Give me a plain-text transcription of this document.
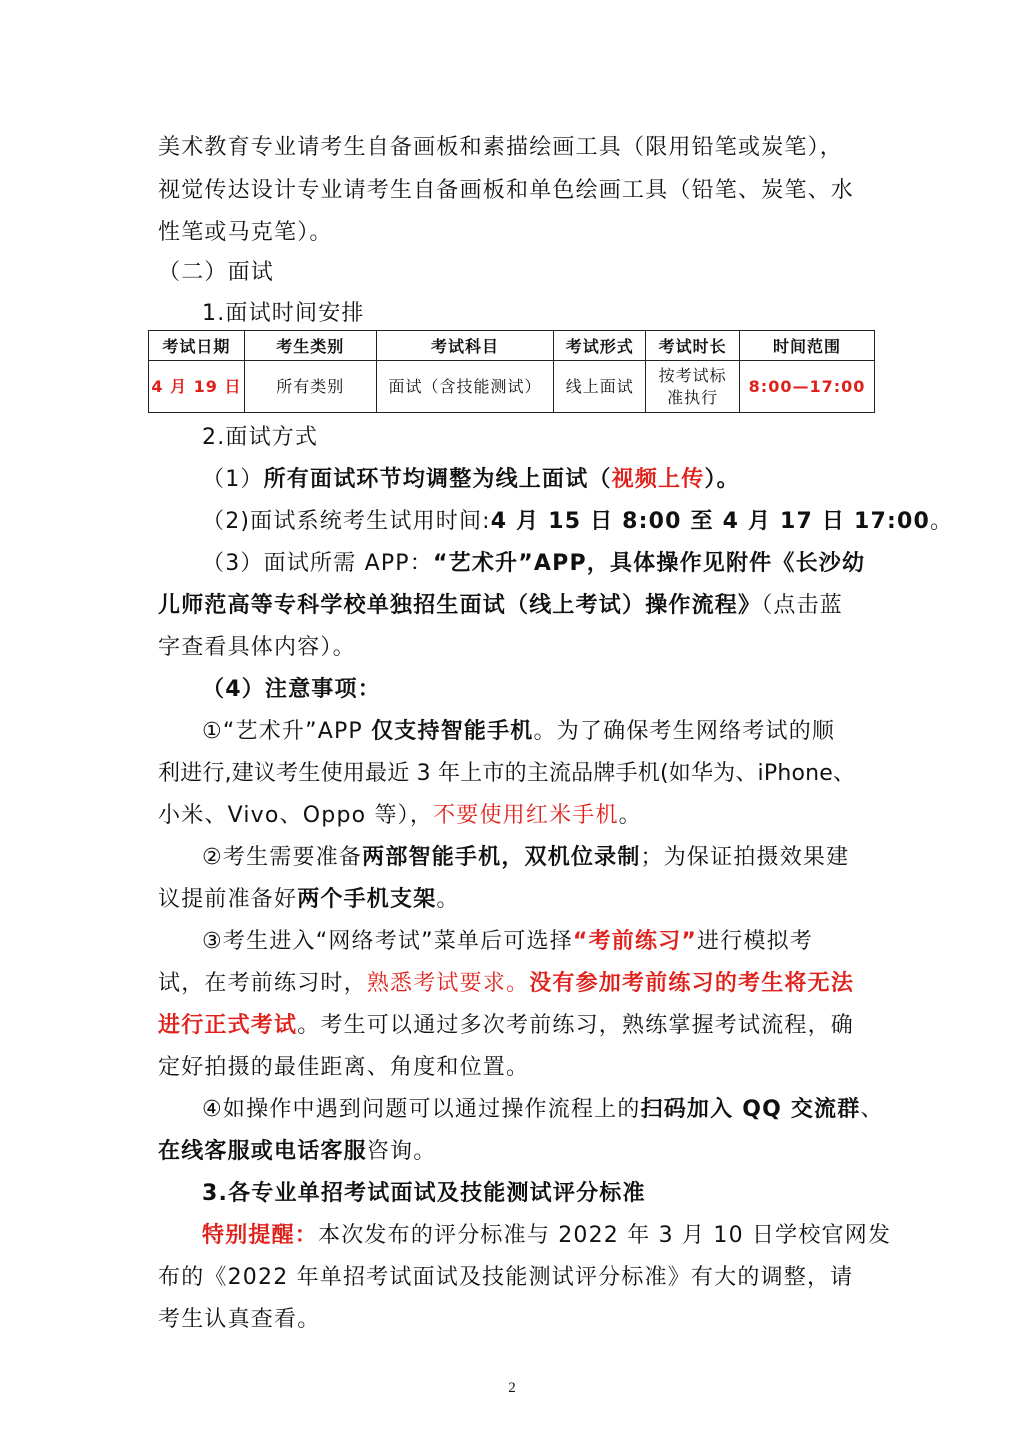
美术教育专业请考生自备画板和素描绘画工具（限用铅笔或炭笔），
视觉传达设计专业请考生自备画板和单色绘画工具（铅笔、炭笔、水
性笔或马克笔）。
（二）面试
1.面试时间安排
考试日期	考生类别	考试科目	考试形式	考试时长	时间范围
4 月 19 日	所有类别	面试（含技能测试）	线上面试	按考试标
准执行	8:00—17:00
2.面试方式
（1）所有面试环节均调整为线上面试（视频上传）。
（2)面试系统考生试用时间:4 月 15 日 8:00 至 4 月 17 日 17:00。
（3）面试所需 APP：“艺术升”APP，具体操作见附件《长沙幼
儿师范高等专科学校单独招生面试（线上考试）操作流程》（点击蓝
字查看具体内容）。
（4）注意事项：
①“艺术升”APP 仅支持智能手机。为了确保考生网络考试的顺
利进行,建议考生使用最近 3 年上市的主流品牌手机(如华为、iPhone、
小米、Vivo、Oppo 等），不要使用红米手机。
②考生需要准备两部智能手机，双机位录制；为保证拍摄效果建
议提前准备好两个手机支架。
③考生进入“网络考试”菜单后可选择“考前练习”进行模拟考
试，在考前练习时，熟悉考试要求。没有参加考前练习的考生将无法
进行正式考试。考生可以通过多次考前练习，熟练掌握考试流程，确
定好拍摄的最佳距离、角度和位置。
④如操作中遇到问题可以通过操作流程上的扫码加入 QQ 交流群、
在线客服或电话客服咨询。
3.各专业单招考试面试及技能测试评分标准
特别提醒：本次发布的评分标准与 2022 年 3 月 10 日学校官网发
布的《2022 年单招考试面试及技能测试评分标准》有大的调整，请
考生认真查看。
2
